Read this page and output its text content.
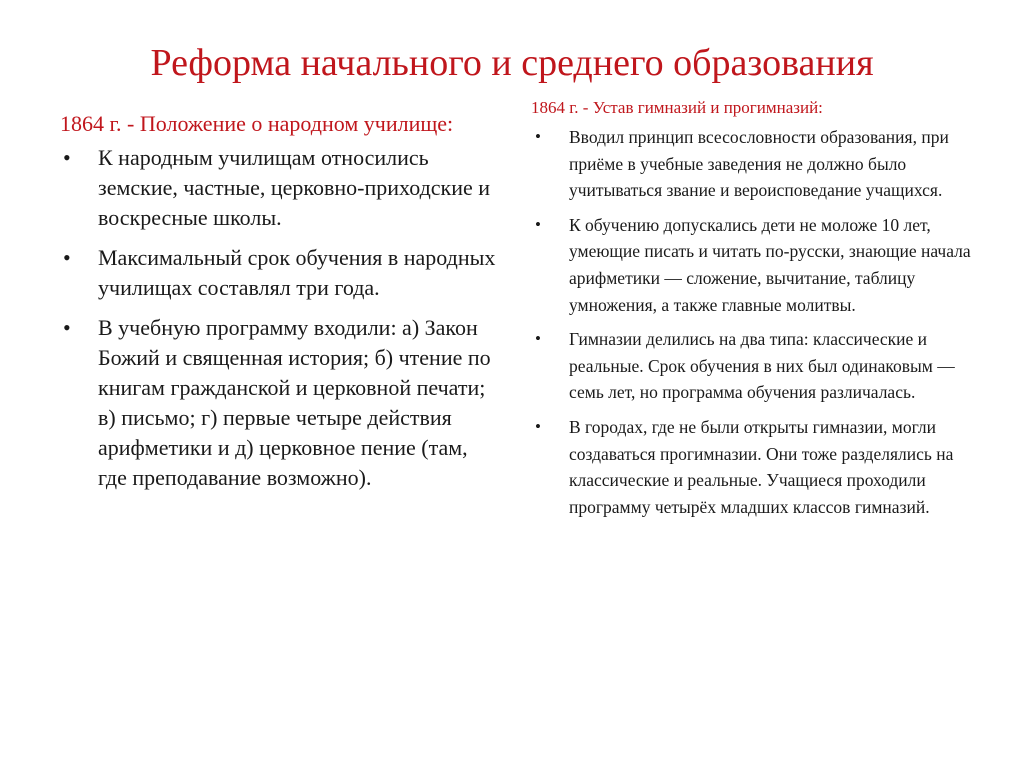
Реформа начального и среднего образования
1864 г. - Положение о народном училище:
• К народным училищам относились земские, частные, церковно-приходские и воскресные школы.
• Максимальный срок обучения в народных училищах составлял три года.
• В учебную программу входили: а) Закон Божий и священная история; б) чтение по книгам гражданской и церковной печати; в) письмо; г) первые четыре действия арифметики и д) церковное пение (там, где преподавание возможно).
1864 г. - Устав гимназий и прогимназий:
• Вводил принцип всесословности образования, при приёме в учебные заведения не должно было учитываться звание и вероисповедание учащихся.
• К обучению допускались дети не моложе 10 лет, умеющие писать и читать по-русски, знающие начала арифметики — сложение, вычитание, таблицу умножения, а также главные молитвы.
• Гимназии делились на два типа: классические и реальные. Срок обучения в них был одинаковым — семь лет, но программа обучения различалась.
• В городах, где не были открыты гимназии, могли создаваться прогимназии. Они тоже разделялись на классические и реальные. Учащиеся проходили программу четырёх младших классов гимназий.
